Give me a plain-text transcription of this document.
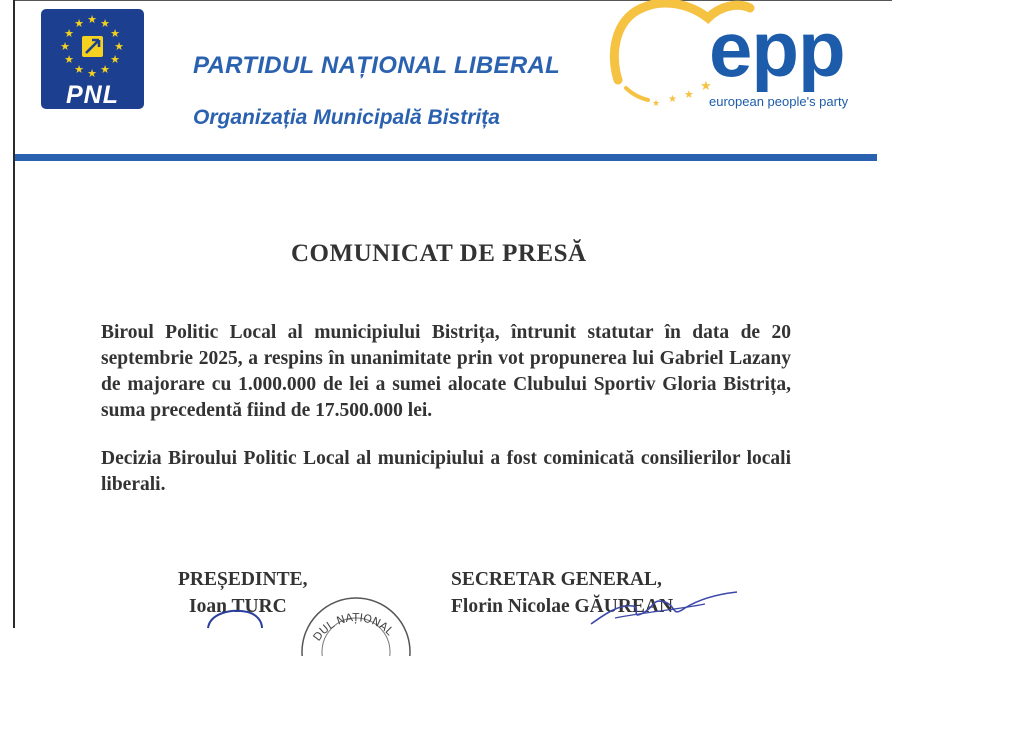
★ ★
★
★
★
★
★
★
★
★
★
★
PNL
PARTIDUL NAȚIONAL LIBERAL
Organizația Municipală Bistrița
★ ★ ★
★
epp
european people's party
COMUNICAT DE PRESĂ

Biroul Politic Local al municipiului Bistrița, întrunit statutar în data de 20 septembrie 2025, a respins în unanimitate prin vot propunerea lui Gabriel Lazany de majorare cu 1.000.000 de lei a sumei alocate Clubului Sportiv Gloria Bistrița, suma precedentă fiind de 17.500.000 lei.

Decizia Biroului Politic Local al municipiului a fost cominicată consilierilor locali liberali.

PREȘEDINTE,
Ioan TURC
DUL NAȚIONAL
SECRETAR GENERAL,
Florin Nicolae GĂUREAN
